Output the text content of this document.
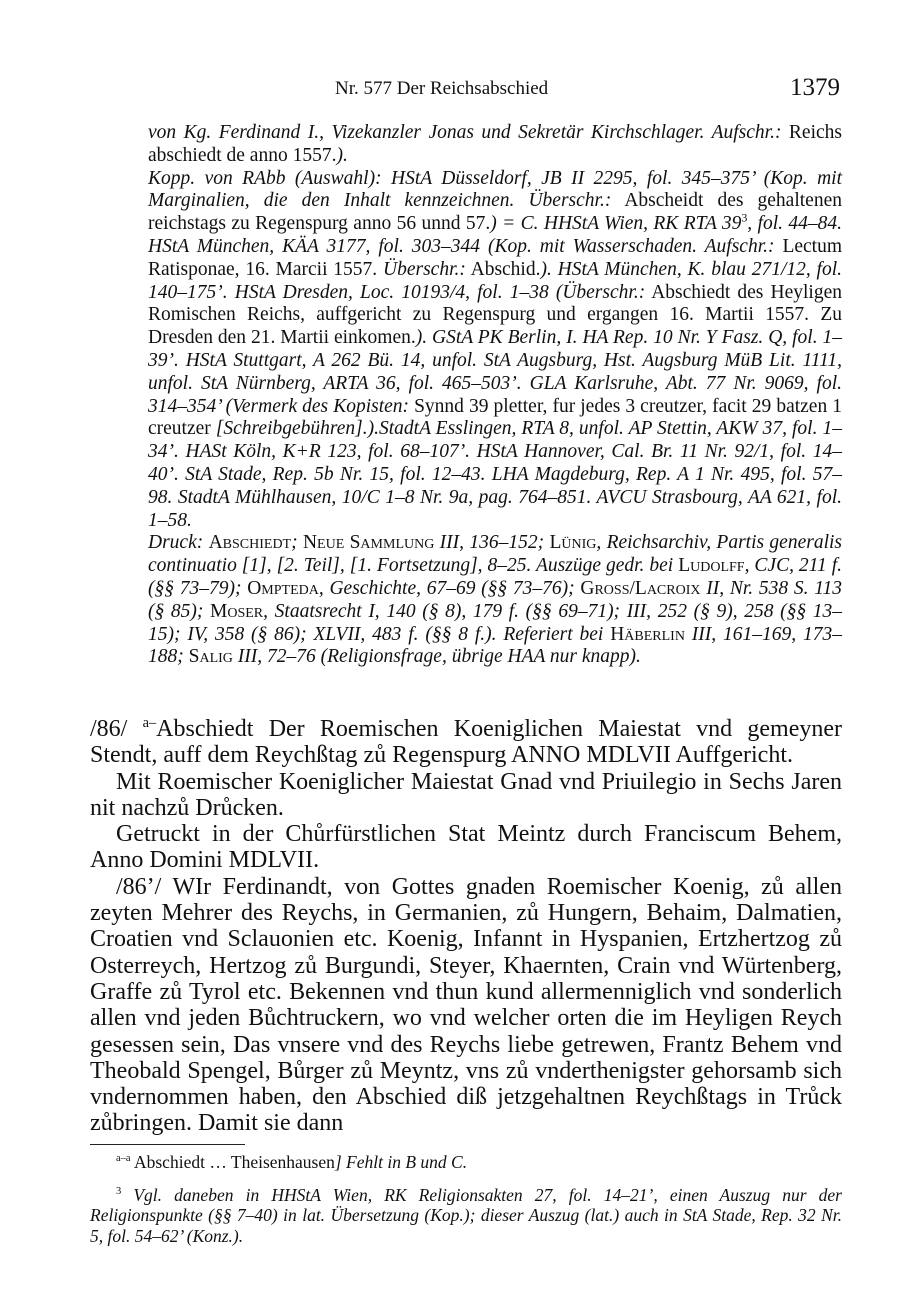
Nr. 577 Der Reichsabschied	1379

von Kg. Ferdinand I., Vizekanzler Jonas und Sekretär Kirchschlager. Aufschr.: Reichs abschiedt de anno 1557.).

Kopp. von RAbb (Auswahl): HStA Düsseldorf, JB II 2295, fol. 345–375’ (Kop. mit Marginalien, die den Inhalt kennzeichnen. Überschr.: Abscheidt des gehaltenen reichstags zu Regenspurg anno 56 unnd 57.) = C. HHStA Wien, RK RTA $39^3$, fol. 44–84. HStA München, KÄA 3177, fol. 303–344 (Kop. mit Wasserschaden. Aufschr.: Lectum Ratisponae, 16. Marcii 1557. Überschr.: Abschid.). HStA München, K. blau 271/12, fol. 140–175’. HStA Dresden, Loc. 10193/4, fol. 1–38 (Überschr.: Abschiedt des Heyligen Romischen Reichs, auffgericht zu Regenspurg und ergangen 16. Martii 1557. Zu Dresden den 21. Martii einkomen.). GStA PK Berlin, I. HA Rep. 10 Nr. Y Fasz. Q, fol. 1–39’. HStA Stuttgart, A 262 Bü. 14, unfol. StA Augsburg, Hst. Augsburg MüB Lit. 1111, unfol. StA Nürnberg, ARTA 36, fol. 465–503’. GLA Karlsruhe, Abt. 77 Nr. 9069, fol. 314–354’ (Vermerk des Kopisten: Synnd 39 pletter, fur jedes 3 creutzer, facit 29 batzen 1 creutzer [Schreibgebühren].).StadtA Esslingen, RTA 8, unfol. AP Stettin, AKW 37, fol. 1–34’. HASt Köln, K+R 123, fol. 68–107’. HStA Hannover, Cal. Br. 11 Nr. 92/1, fol. 14–40’. StA Stade, Rep. 5b Nr. 15, fol. 12–43. LHA Magdeburg, Rep. A 1 Nr. 495, fol. 57–98. StadtA Mühlhausen, 10/C 1–8 Nr. 9a, pag. 764–851. AVCU Strasbourg, AA 621, fol. 1–58.

Druck: Abschiedt; Neue Sammlung III, 136–152; Lünig, Reichsarchiv, Partis generalis continuatio [1], [2. Teil], [1. Fortsetzung], 8–25. Auszüge gedr. bei Ludolff, CJC, 211 f. (§§ 73–79); Ompteda, Geschichte, 67–69 (§§ 73–76); Gross/Lacroix II, Nr. 538 S. 113 (§ 85); Moser, Staatsrecht I, 140 (§ 8), 179 f. (§§ 69–71); III, 252 (§ 9), 258 (§§ 13–15); IV, 358 (§ 86); XLVII, 483 f. (§§ 8 f.). Referiert bei Häberlin III, 161–169, 173–188; Salig III, 72–76 (Religionsfrage, übrige HAA nur knapp).

/86/ $^{a-}$Abschiedt Der Roemischen Koeniglichen Maiestat vnd gemeyner Stendt, auff dem Reychßtag zů Regenspurg ANNO MDLVII Auffgericht.

Mit Roemischer Koeniglicher Maiestat Gnad vnd Priuilegio in Sechs Jaren nit nachzů Drůcken.

Getruckt in der Chůrfürstlichen Stat Meintz durch Franciscum Behem, Anno Domini MDLVII.

/86’/ WIr Ferdinandt, von Gottes gnaden Roemischer Koenig, zů allen zeyten Mehrer des Reychs, in Germanien, zů Hungern, Behaim, Dalmatien, Croatien vnd Sclauonien etc. Koenig, Infannt in Hyspanien, Ertzhertzog zů Osterreych, Hertzog zů Burgundi, Steyer, Khaernten, Crain vnd Würtenberg, Graffe zů Tyrol etc. Bekennen vnd thun kund allermenniglich vnd sonderlich allen vnd jeden Bůchtruckern, wo vnd welcher orten die im Heyligen Reych gesessen sein, Das vnsere vnd des Reychs liebe getrewen, Frantz Behem vnd Theobald Spengel, Bůrger zů Meyntz, vns zů vnderthenigster gehorsamb sich vndernommen haben, den Abschied diß jetzgehaltnen Reychßtags in Trůck zůbringen. Damit sie dann

$^{a-a}$ Abschiedt … Theisenhausen] Fehlt in B und C.

$^3$ Vgl. daneben in HHStA Wien, RK Religionsakten 27, fol. 14–21’, einen Auszug nur der Religionspunkte (§§ 7–40) in lat. Übersetzung (Kop.); dieser Auszug (lat.) auch in StA Stade, Rep. 32 Nr. 5, fol. 54–62’ (Konz.).
